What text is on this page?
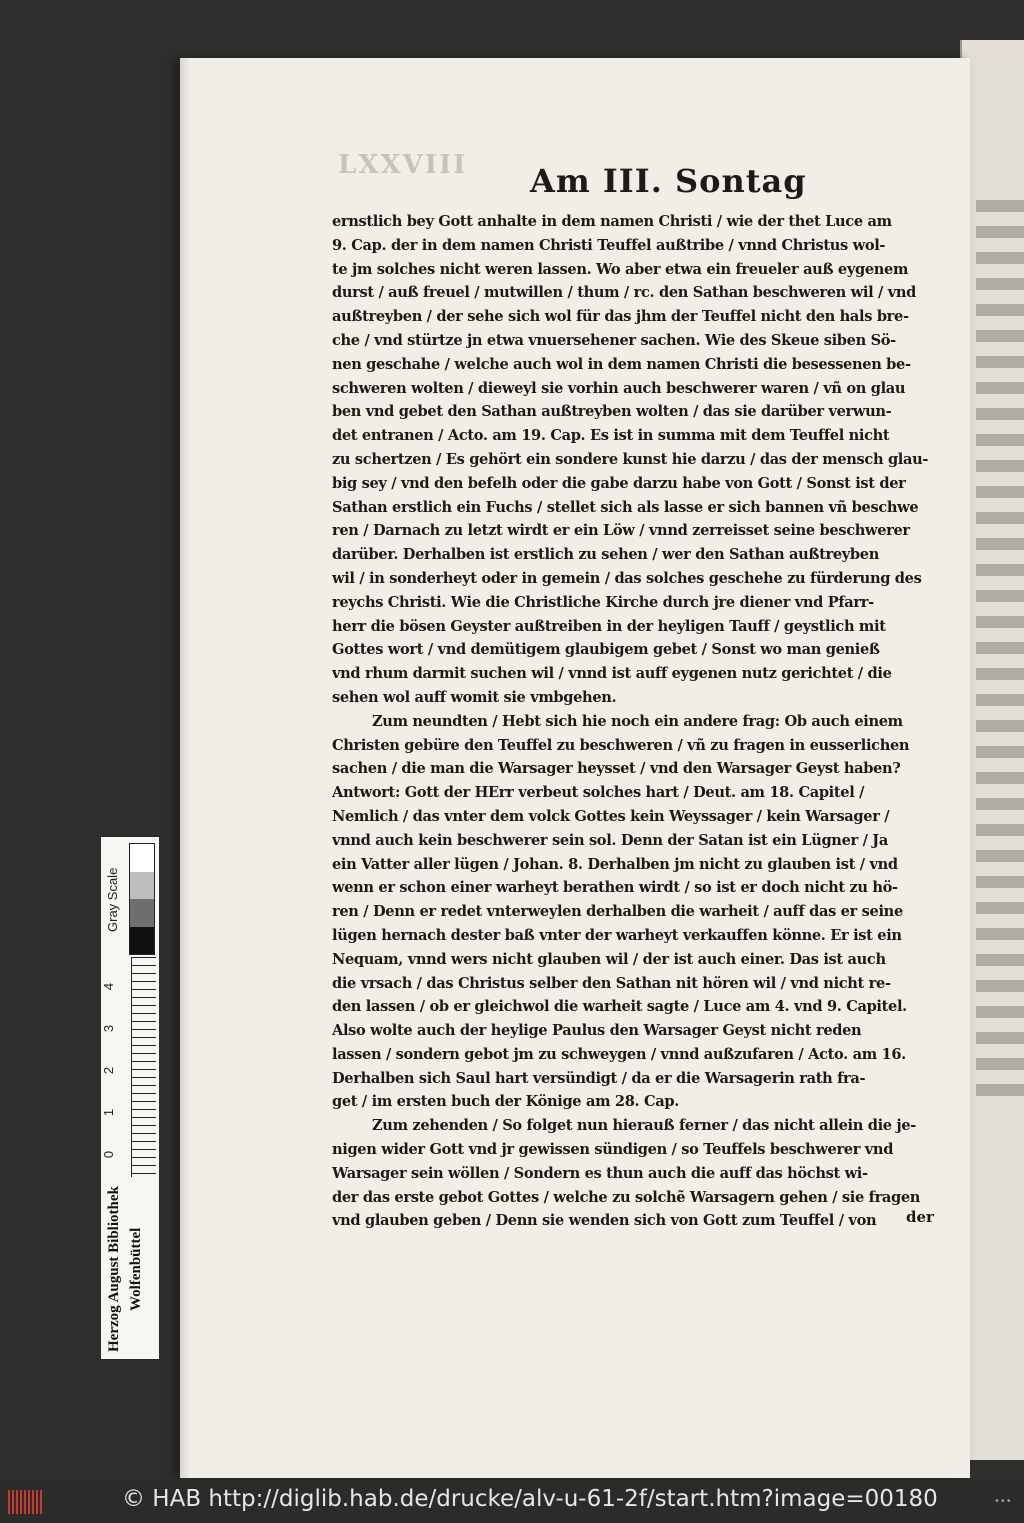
LXXVIII	Am III. Sontag
ernstlich bey Gott anhalte in dem namen Christi / wie der thet Luce am
9. Cap. der in dem namen Christi Teuffel außtribe / vnnd Christus wol-
te jm solches nicht weren lassen. Wo aber etwa ein freueler auß eygenem
durst / auß freuel / mutwillen / thum / rc. den Sathan beschweren wil / vnd
außtreyben / der sehe sich wol für das jhm der Teuffel nicht den hals bre-
che / vnd stürtze jn etwa vnuersehener sachen. Wie des Skeue siben Sö-
nen geschahe / welche auch wol in dem namen Christi die besessenen be-
schweren wolten / dieweyl sie vorhin auch beschwerer waren / vñ on glau
ben vnd gebet den Sathan außtreyben wolten / das sie darüber verwun-
det entranen / Acto. am 19. Cap. Es ist in summa mit dem Teuffel nicht
zu schertzen / Es gehört ein sondere kunst hie darzu / das der mensch glau-
big sey / vnd den befelh oder die gabe darzu habe von Gott / Sonst ist der
Sathan erstlich ein Fuchs / stellet sich als lasse er sich bannen vñ beschwe
ren / Darnach zu letzt wirdt er ein Löw / vnnd zerreisset seine beschwerer
darüber. Derhalben ist erstlich zu sehen / wer den Sathan außtreyben
wil / in sonderheyt oder in gemein / das solches geschehe zu fürderung des
reychs Christi. Wie die Christliche Kirche durch jre diener vnd Pfarr-
herr die bösen Geyster außtreiben in der heyligen Tauff / geystlich mit
Gottes wort / vnd demütigem glaubigem gebet / Sonst wo man genieß
vnd rhum darmit suchen wil / vnnd ist auff eygenen nutz gerichtet / die
sehen wol auff womit sie vmbgehen.
Zum neundten / Hebt sich hie noch ein andere frag: Ob auch einem
Christen gebüre den Teuffel zu beschweren / vñ zu fragen in eusserlichen
sachen / die man die Warsager heysset / vnd den Warsager Geyst haben?
Antwort: Gott der HErr verbeut solches hart / Deut. am 18. Capitel /
Nemlich / das vnter dem volck Gottes kein Weyssager / kein Warsager /
vnnd auch kein beschwerer sein sol. Denn der Satan ist ein Lügner / Ja
ein Vatter aller lügen / Johan. 8. Derhalben jm nicht zu glauben ist / vnd
wenn er schon einer warheyt berathen wirdt / so ist er doch nicht zu hö-
ren / Denn er redet vnterweylen derhalben die warheit / auff das er seine
lügen hernach dester baß vnter der warheyt verkauffen könne. Er ist ein
Nequam, vnnd wers nicht glauben wil / der ist auch einer. Das ist auch
die vrsach / das Christus selber den Sathan nit hören wil / vnd nicht re-
den lassen / ob er gleichwol die warheit sagte / Luce am 4. vnd 9. Capitel.
Also wolte auch der heylige Paulus den Warsager Geyst nicht reden
lassen / sondern gebot jm zu schweygen / vnnd außzufaren / Acto. am 16.
Derhalben sich Saul hart versündigt / da er die Warsagerin rath fra-
get / im ersten buch der Könige am 28. Cap.
Zum zehenden / So folget nun hierauß ferner / das nicht allein die je-
nigen wider Gott vnd jr gewissen sündigen / so Teuffels beschwerer vnd
Warsager sein wöllen / Sondern es thun auch die auff das höchst wi-
der das erste gebot Gottes / welche zu solchẽ Warsagern gehen / sie fragen
vnd glauben geben / Denn sie wenden sich von Gott zum Teuffel / von	der
Gray Scale
0
1
2
3
4
Herzog August Bibliothek Wolfenbüttel
© HAB http://diglib.hab.de/drucke/alv-u-61-2f/start.htm?image=00180	•••
